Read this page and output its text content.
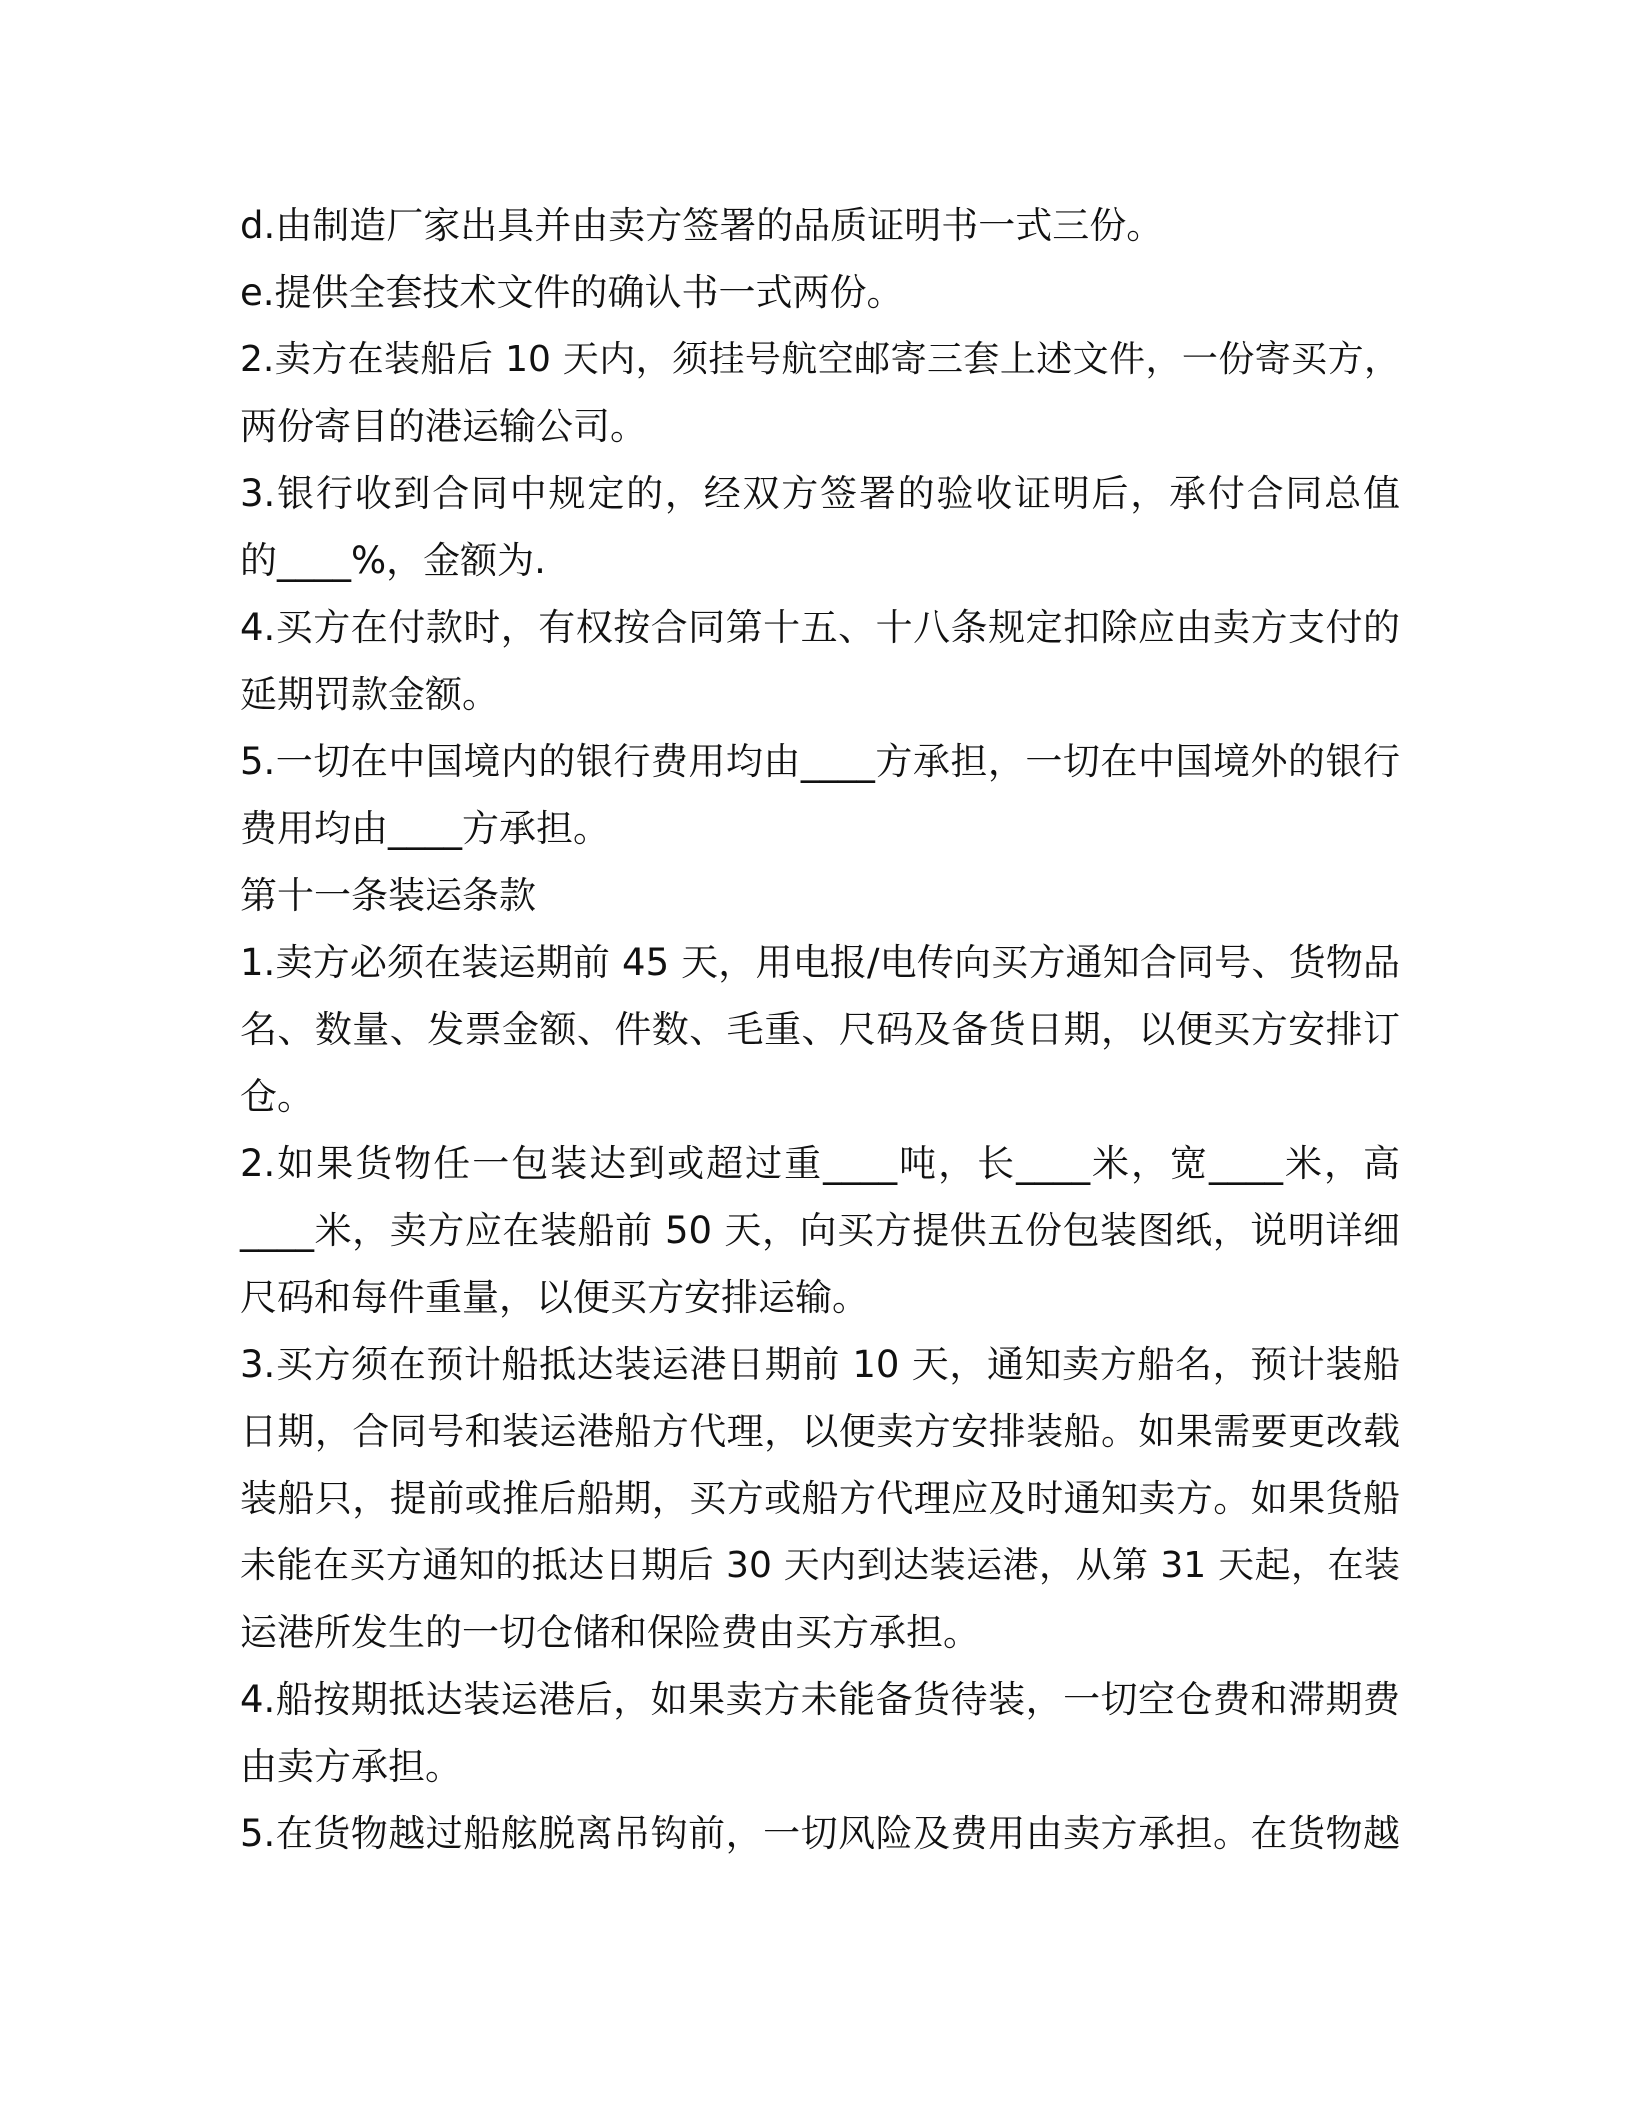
d.由制造厂家出具并由卖方签署的品质证明书一式三份。

e.提供全套技术文件的确认书一式两份。

2.卖方在装船后 10 天内，须挂号航空邮寄三套上述文件，一份寄买方，

两份寄目的港运输公司。

3.银行收到合同中规定的，经双方签署的验收证明后，承付合同总值

的____%，金额为.

4.买方在付款时，有权按合同第十五、十八条规定扣除应由卖方支付的

延期罚款金额。

5.一切在中国境内的银行费用均由____方承担，一切在中国境外的银行

费用均由____方承担。

第十一条装运条款

1.卖方必须在装运期前 45 天，用电报/电传向买方通知合同号、货物品

名、数量、发票金额、件数、毛重、尺码及备货日期，以便买方安排订

仓。

2.如果货物任一包装达到或超过重____吨，长____米，宽____米，高

____米，卖方应在装船前 50 天，向买方提供五份包装图纸，说明详细

尺码和每件重量，以便买方安排运输。

3.买方须在预计船抵达装运港日期前 10 天，通知卖方船名，预计装船

日期，合同号和装运港船方代理，以便卖方安排装船。如果需要更改载

装船只，提前或推后船期，买方或船方代理应及时通知卖方。如果货船

未能在买方通知的抵达日期后 30 天内到达装运港，从第 31 天起，在装

运港所发生的一切仓储和保险费由买方承担。

4.船按期抵达装运港后，如果卖方未能备货待装，一切空仓费和滞期费

由卖方承担。

5.在货物越过船舷脱离吊钩前，一切风险及费用由卖方承担。在货物越
